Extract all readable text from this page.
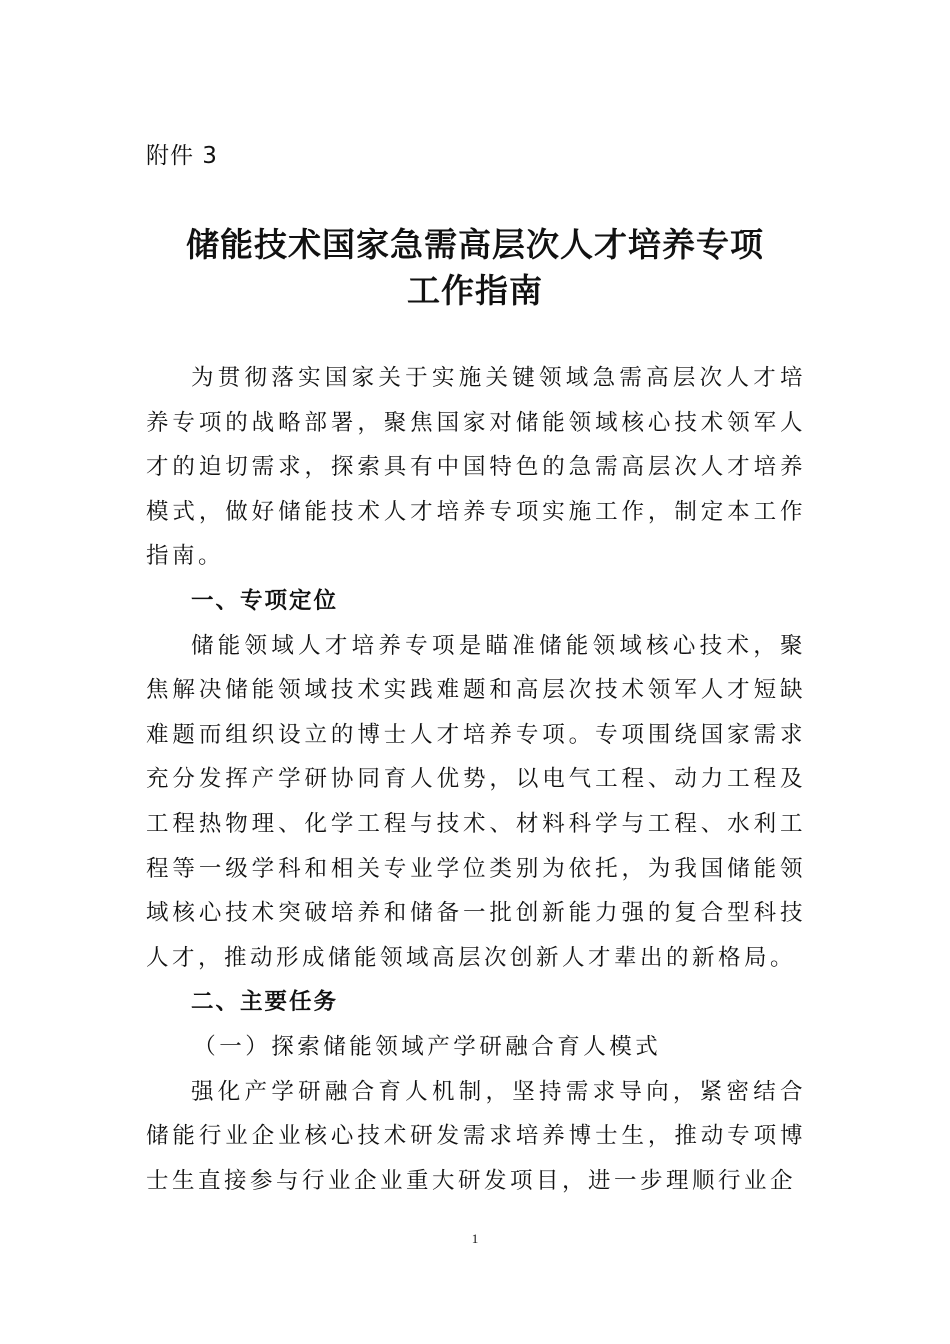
附件 3
储能技术国家急需高层次人才培养专项
工作指南

为贯彻落实国家关于实施关键领域急需高层次人才培养专项的战略部署，聚焦国家对储能领域核心技术领军人才的迫切需求，探索具有中国特色的急需高层次人才培养模式，做好储能技术人才培养专项实施工作，制定本工作指南。

一、专项定位

储能领域人才培养专项是瞄准储能领域核心技术，聚焦解决储能领域技术实践难题和高层次技术领军人才短缺难题而组织设立的博士人才培养专项。专项围绕国家需求充分发挥产学研协同育人优势，以电气工程、动力工程及工程热物理、化学工程与技术、材料科学与工程、水利工程等一级学科和相关专业学位类别为依托，为我国储能领域核心技术突破培养和储备一批创新能力强的复合型科技人才，推动形成储能领域高层次创新人才辈出的新格局。

二、主要任务

（一）探索储能领域产学研融合育人模式

强化产学研融合育人机制，坚持需求导向，紧密结合储能行业企业核心技术研发需求培养博士生，推动专项博士生直接参与行业企业重大研发项目，进一步理顺行业企

1
